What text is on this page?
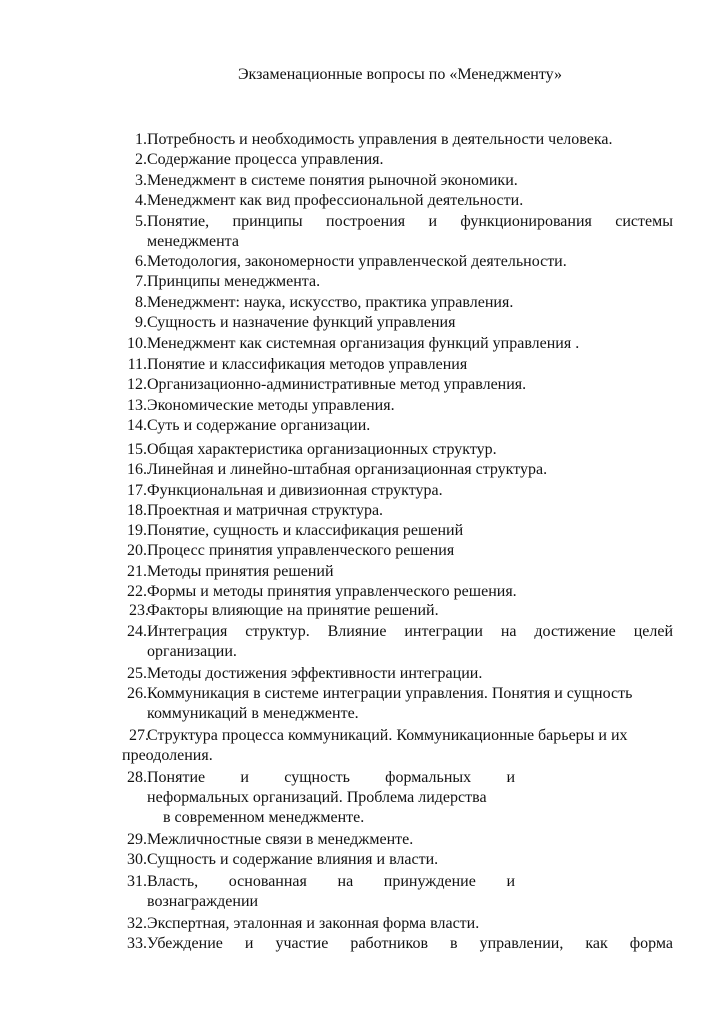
Экзаменационные вопросы по «Менеджменту»
1. Потребность и необходимость управления в деятельности человека.
2. Содержание процесса управления.
3. Менеджмент в системе понятия рыночной экономики.
4. Менеджмент как вид профессиональной деятельности.
5. Понятие, принципы построения и функционирования системы
менеджмента
6. Методология, закономерности управленческой деятельности.
7. Принципы менеджмента.
8. Менеджмент: наука, искусство, практика управления.
9. Сущность и назначение функций управления
10. Менеджмент как системная организация функций управления .
11. Понятие и классификация методов управления
12. Организационно-административные метод управления.
13. Экономические методы управления.
14. Суть и содержание организации.
15. Общая характеристика организационных структур.
16. Линейная и линейно-штабная организационная структура.
17. Функциональная и дивизионная структура.
18. Проектная и матричная структура.
19. Понятие, сущность и классификация решений
20. Процесс принятия управленческого решения
21. Методы принятия решений
22. Формы и методы принятия управленческого решения.
23.
Факторы влияющие на принятие решений.
24. Интеграция структур. Влияние интеграции на достижение целей
организации.
25. Методы достижения эффективности интеграции.
26. Коммуникация в системе интеграции управления. Понятия и сущность
коммуникаций в менеджменте.
27.
Структура процесса коммуникаций. Коммуникационные барьеры и их
преодоления.
28. Понятие и сущность формальных и
неформальных организаций. Проблема лидерства
в современном менеджменте.
29. Межличностные связи в менеджменте.
30. Сущность и содержание влияния и власти.
31. Власть, основанная на принуждение и
вознаграждении
32. Экспертная, эталонная и законная форма власти.
33. Убеждение и участие работников в управлении, как форма
